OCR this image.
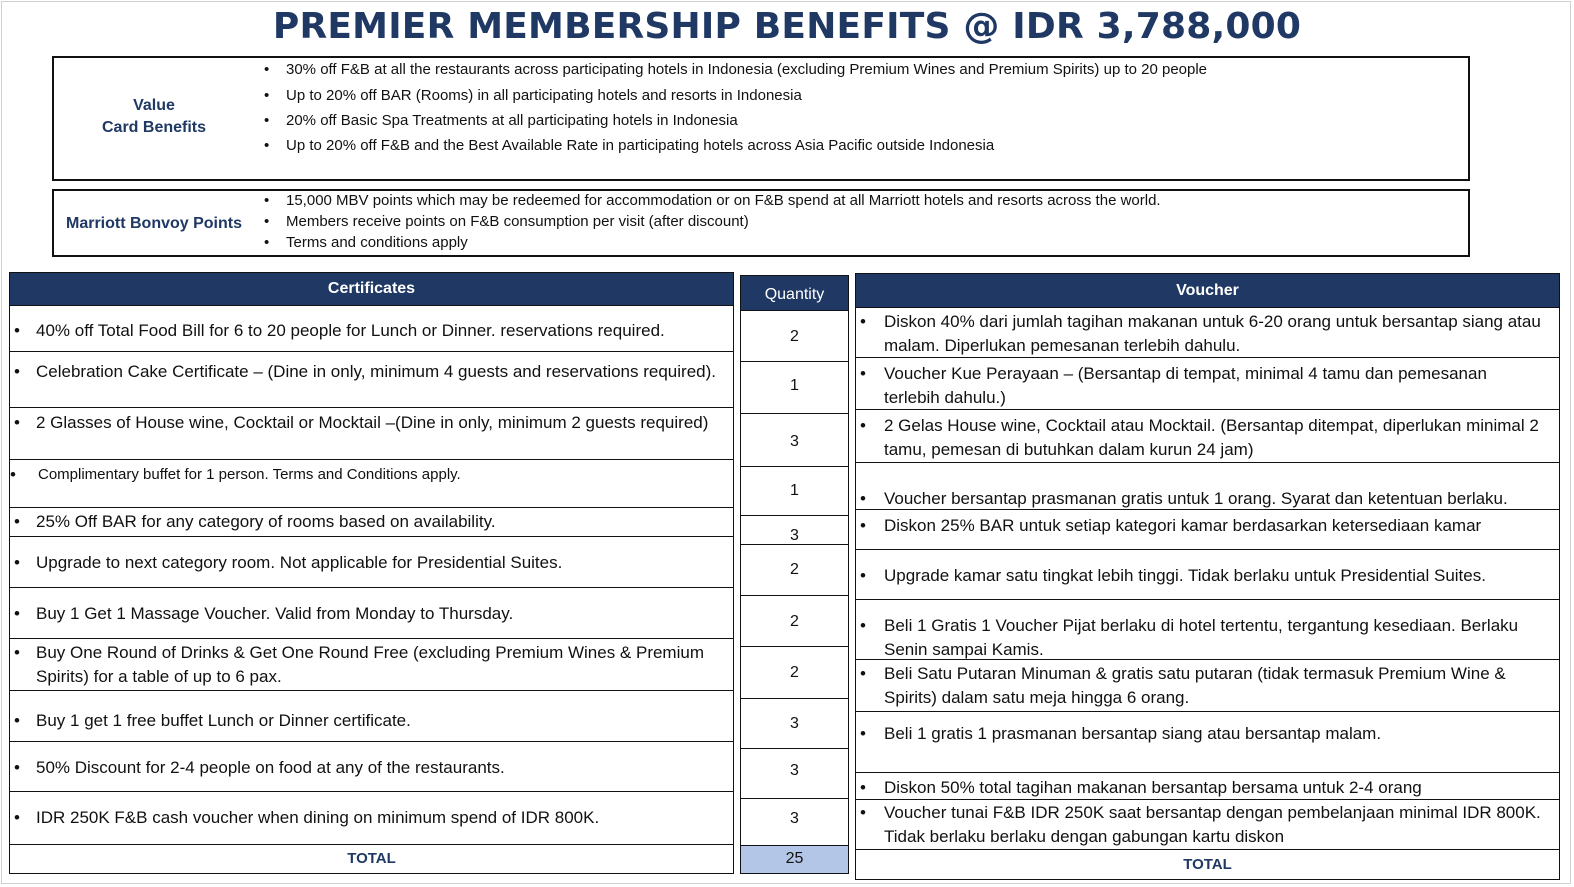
PREMIER MEMBERSHIP BENEFITS @ IDR 3,788,000
Value
Card Benefits
• 30% off F&B at all the restaurants across participating hotels in Indonesia (excluding Premium Wines and Premium Spirits) up to 20 people
• Up to 20% off BAR (Rooms) in all participating hotels and resorts in Indonesia
• 20% off Basic Spa Treatments at all participating hotels in Indonesia
• Up to 20% off F&B and the Best Available Rate in participating hotels across Asia Pacific outside Indonesia
Marriott Bonvoy Points
• 15,000 MBV points which may be redeemed for accommodation or on F&B spend at all Marriott hotels and resorts across the world.
• Members receive points on F&B consumption per visit (after discount)
• Terms and conditions apply
Certificates
• 40% off Total Food Bill for 6 to 20 people for Lunch or Dinner. reservations required.
• Celebration Cake Certificate – (Dine in only, minimum 4 guests and reservations required).
• 2 Glasses of House wine, Cocktail or Mocktail –(Dine in only, minimum 2 guests required)
• Complimentary buffet for 1 person. Terms and Conditions apply.
• 25% Off BAR for any category of rooms based on availability.
• Upgrade to next category room. Not applicable for Presidential Suites.
• Buy 1 Get 1 Massage Voucher. Valid from Monday to Thursday.
• Buy One Round of Drinks & Get One Round Free (excluding Premium Wines & Premium Spirits) for a table of up to 6 pax.
• Buy 1 get 1 free buffet Lunch or Dinner certificate.
• 50% Discount for 2-4 people on food at any of the restaurants.
• IDR 250K F&B cash voucher when dining on minimum spend of IDR 800K.
TOTAL
Quantity
2
1
3
1
3
2
2
2
3
3
3
25
Voucher
• Diskon 40% dari jumlah tagihan makanan untuk 6-20 orang untuk bersantap siang atau malam. Diperlukan pemesanan terlebih dahulu.
• Voucher Kue Perayaan – (Bersantap di tempat, minimal 4 tamu dan pemesanan terlebih dahulu.)
• 2 Gelas House wine, Cocktail atau Mocktail. (Bersantap ditempat, diperlukan minimal 2 tamu, pemesan di butuhkan dalam kurun 24 jam)
• Voucher bersantap prasmanan gratis untuk 1 orang. Syarat dan ketentuan berlaku.
• Diskon 25% BAR untuk setiap kategori kamar berdasarkan ketersediaan kamar
• Upgrade kamar satu tingkat lebih tinggi. Tidak berlaku untuk Presidential Suites.
• Beli 1 Gratis 1 Voucher Pijat berlaku di hotel tertentu, tergantung kesediaan. Berlaku Senin sampai Kamis.
• Beli Satu Putaran Minuman & gratis satu putaran (tidak termasuk Premium Wine & Spirits) dalam satu meja hingga 6 orang.
• Beli 1 gratis 1 prasmanan bersantap siang atau bersantap malam.
• Diskon 50% total tagihan makanan bersantap bersama untuk 2-4 orang
• Voucher tunai F&B IDR 250K saat bersantap dengan pembelanjaan minimal IDR 800K. Tidak berlaku berlaku dengan gabungan kartu diskon
TOTAL
